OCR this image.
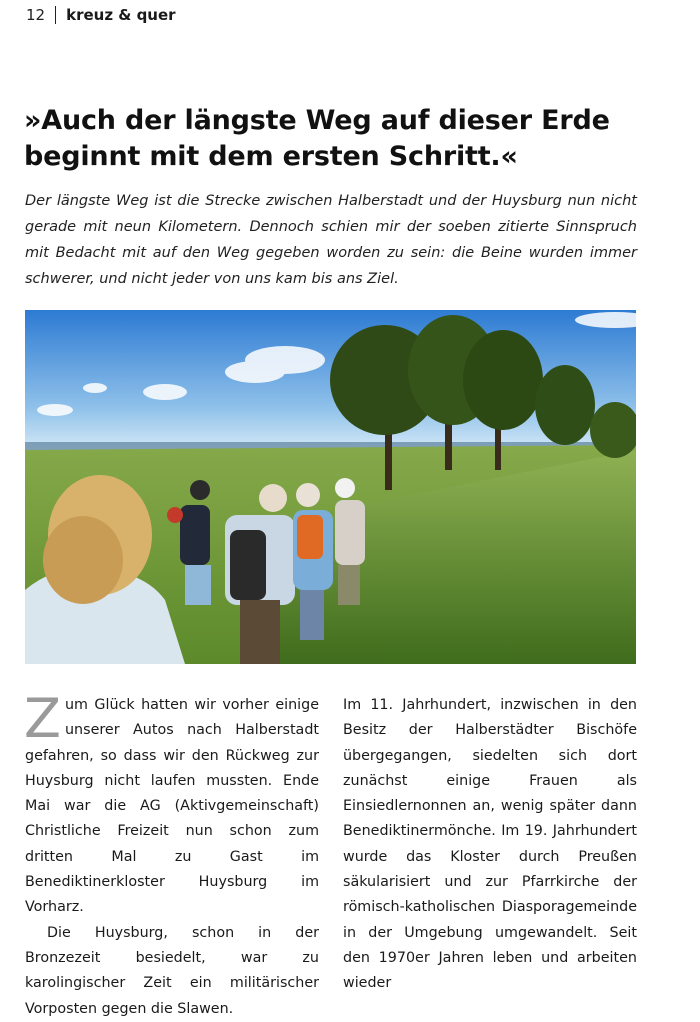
12 kreuz & quer
»Auch der längste Weg auf dieser Erde beginnt mit dem ersten Schritt.«

Der längste Weg ist die Strecke zwischen Halberstadt und der Huysburg nun nicht gerade mit neun Kilometern. Dennoch schien mir der soeben zitierte Sinnspruch mit Bedacht mit auf den Weg gegeben worden zu sein: die Beine wurden immer schwerer, und nicht jeder von uns kam bis ans Ziel.

Zum Glück hatten wir vorher einige unserer Autos nach Halberstadt gefahren, so dass wir den Rückweg zur Huysburg nicht laufen mussten. Ende Mai war die AG (Aktivgemeinschaft) Christliche Freizeit nun schon zum dritten Mal zu Gast im Benediktinerkloster Huysburg im Vorharz.

Die Huysburg, schon in der Bronzezeit besiedelt, war zu karolingischer Zeit ein militärischer Vorposten gegen die Slawen.

Im 11. Jahrhundert, inzwischen in den Besitz der Halberstädter Bischöfe übergegangen, siedelten sich dort zunächst einige Frauen als Einsiedlernonnen an, wenig später dann Benediktinermönche. Im 19. Jahrhundert wurde das Kloster durch Preußen säkularisiert und zur Pfarrkirche der römisch-katholischen Diasporagemeinde in der Umgebung umgewandelt. Seit den 1970er Jahren leben und arbeiten wieder
